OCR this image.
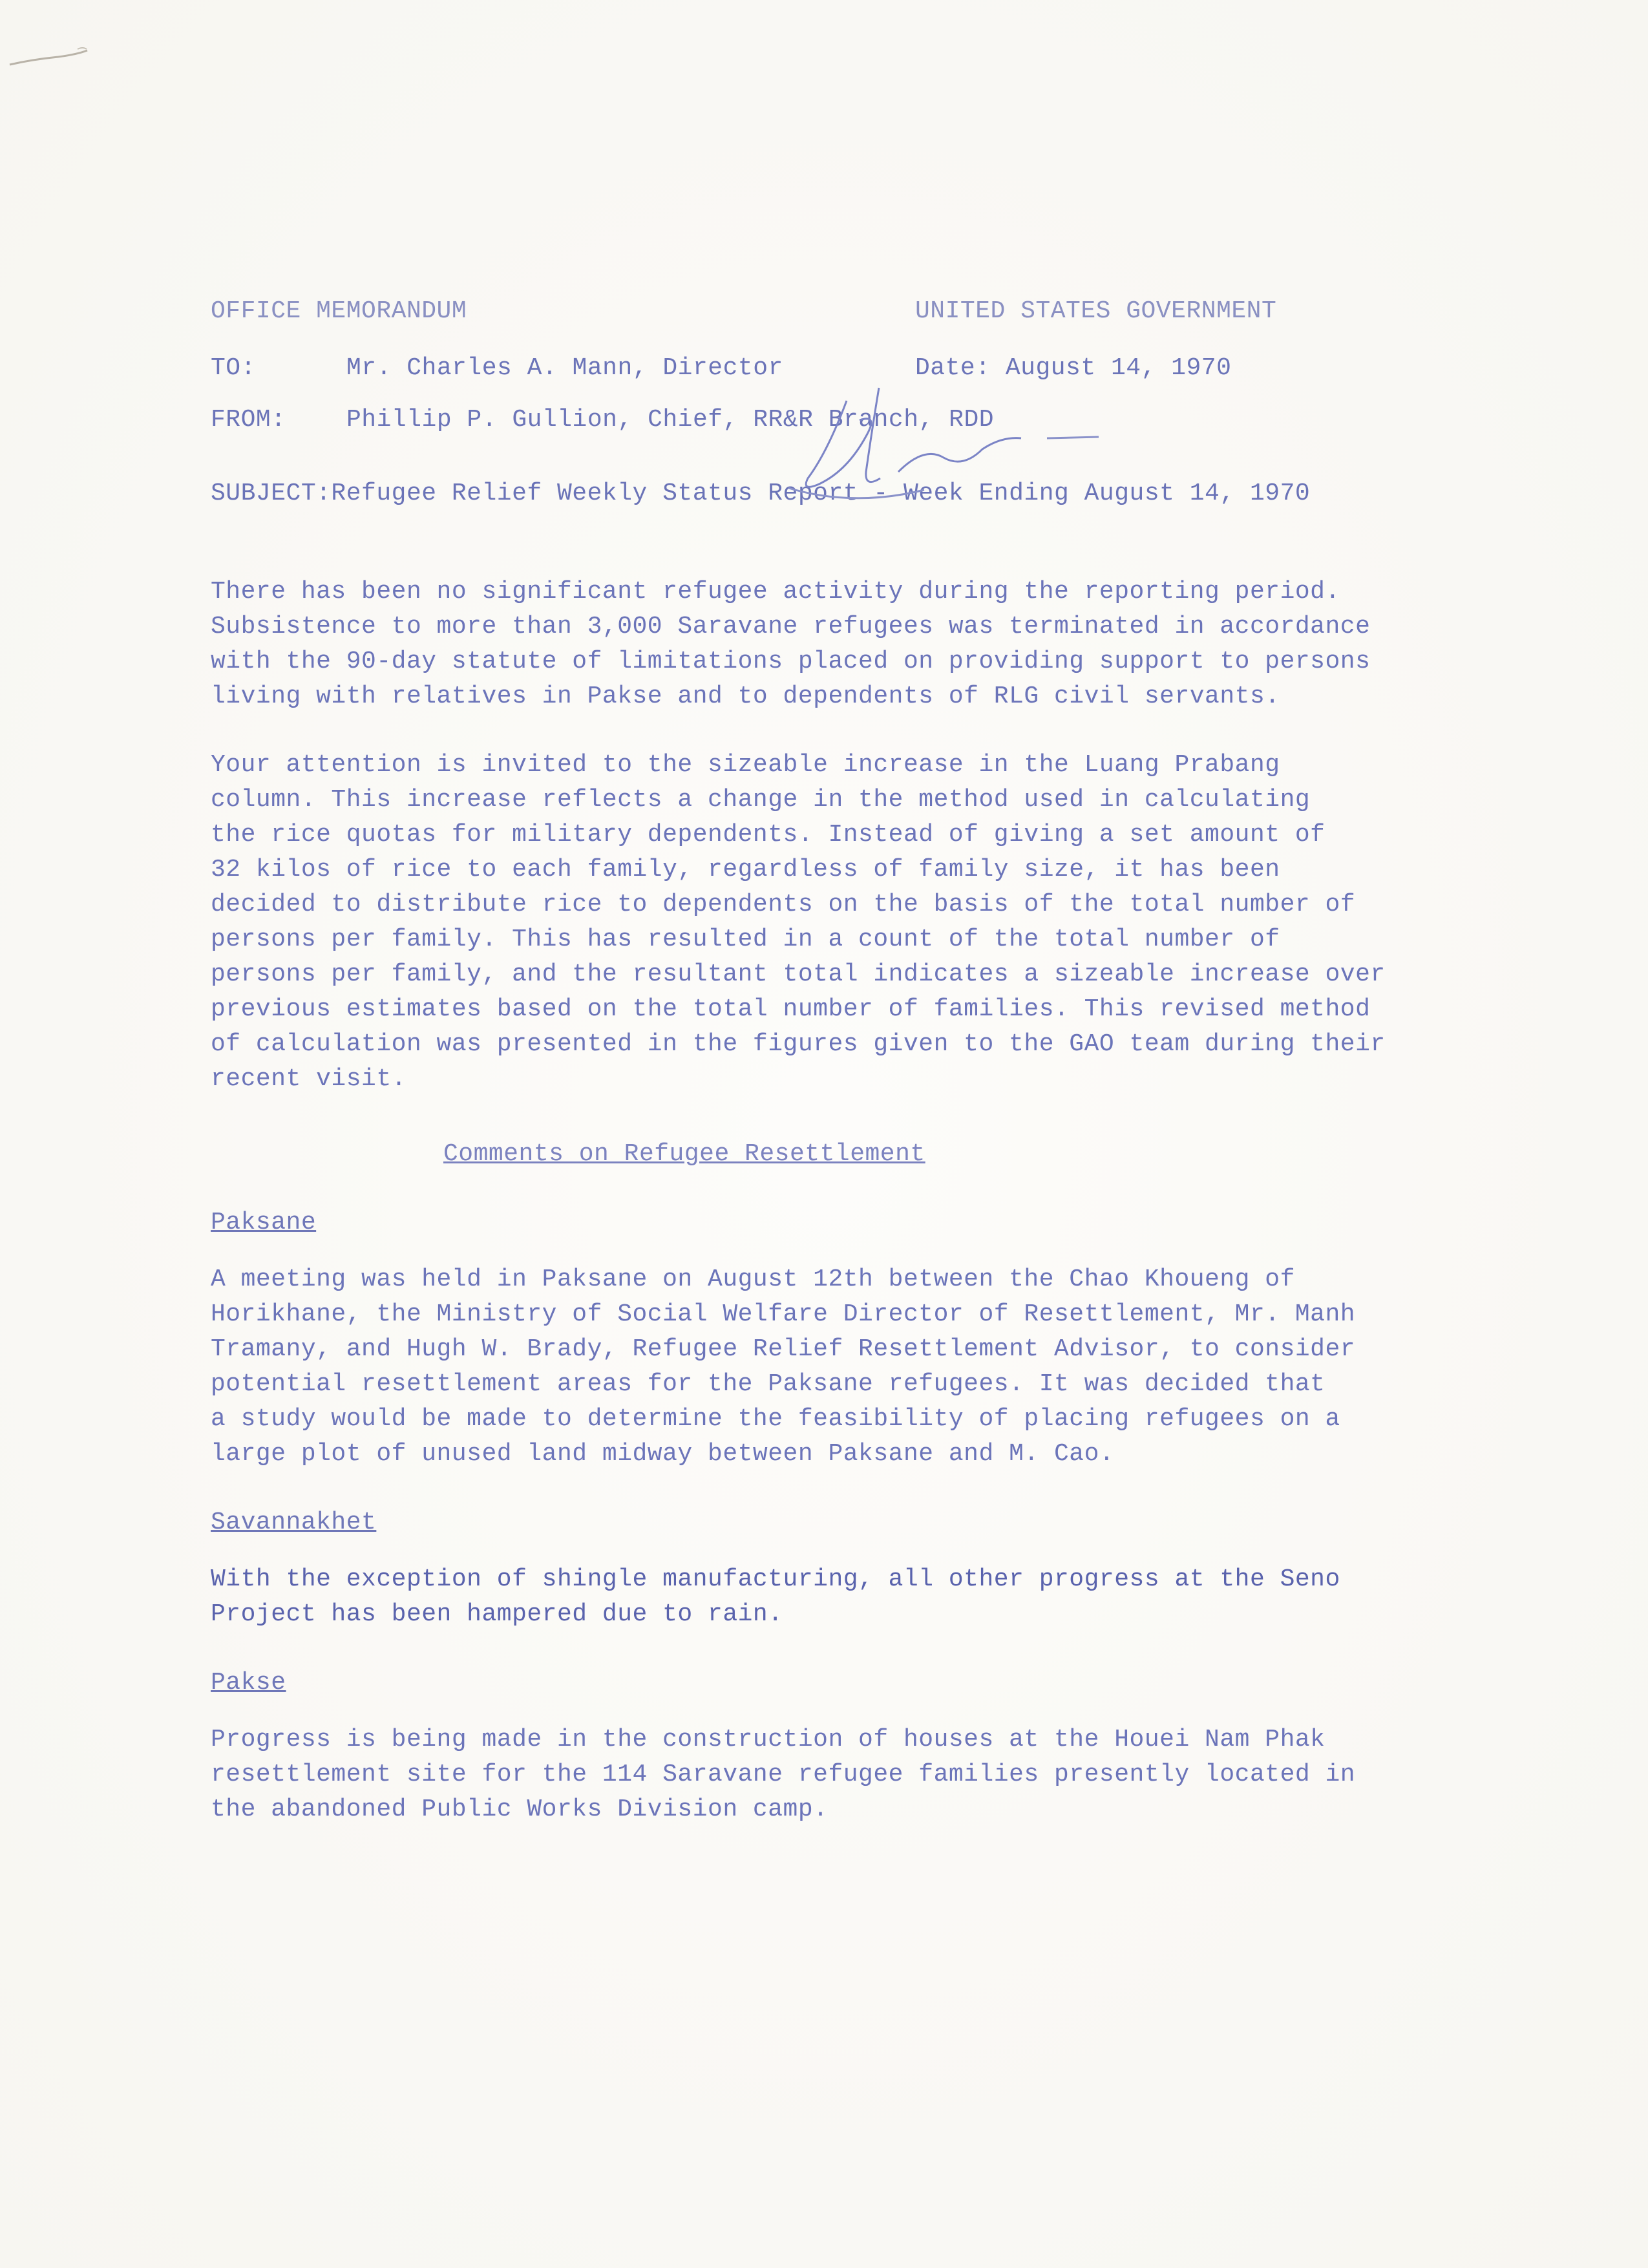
OFFICE MEMORANDUM	UNITED STATES GOVERNMENT
TO:	Mr. Charles A. Mann, Director	Date: August 14, 1970
FROM: Phillip P. Gullion, Chief, RR&R Branch, RDD
SUBJECT:Refugee Relief Weekly Status Report - Week Ending August 14, 1970

There has been no significant refugee activity during the reporting period.
Subsistence to more than 3,000 Saravane refugees was terminated in accordance
with the 90-day statute of limitations placed on providing support to persons
living with relatives in Pakse and to dependents of RLG civil servants.

Your attention is invited to the sizeable increase in the Luang Prabang
column. This increase reflects a change in the method used in calculating
the rice quotas for military dependents. Instead of giving a set amount of
32 kilos of rice to each family, regardless of family size, it has been
decided to distribute rice to dependents on the basis of the total number of
persons per family. This has resulted in a count of the total number of
persons per family, and the resultant total indicates a sizeable increase over
previous estimates based on the total number of families. This revised method
of calculation was presented in the figures given to the GAO team during their
recent visit.

Comments on Refugee Resettlement
Paksane

A meeting was held in Paksane on August 12th between the Chao Khoueng of
Horikhane, the Ministry of Social Welfare Director of Resettlement, Mr. Manh
Tramany, and Hugh W. Brady, Refugee Relief Resettlement Advisor, to consider
potential resettlement areas for the Paksane refugees. It was decided that
a study would be made to determine the feasibility of placing refugees on a
large plot of unused land midway between Paksane and M. Cao.

Savannakhet

With the exception of shingle manufacturing, all other progress at the Seno
Project has been hampered due to rain.

Pakse

Progress is being made in the construction of houses at the Houei Nam Phak
resettlement site for the 114 Saravane refugee families presently located in
the abandoned Public Works Division camp.
